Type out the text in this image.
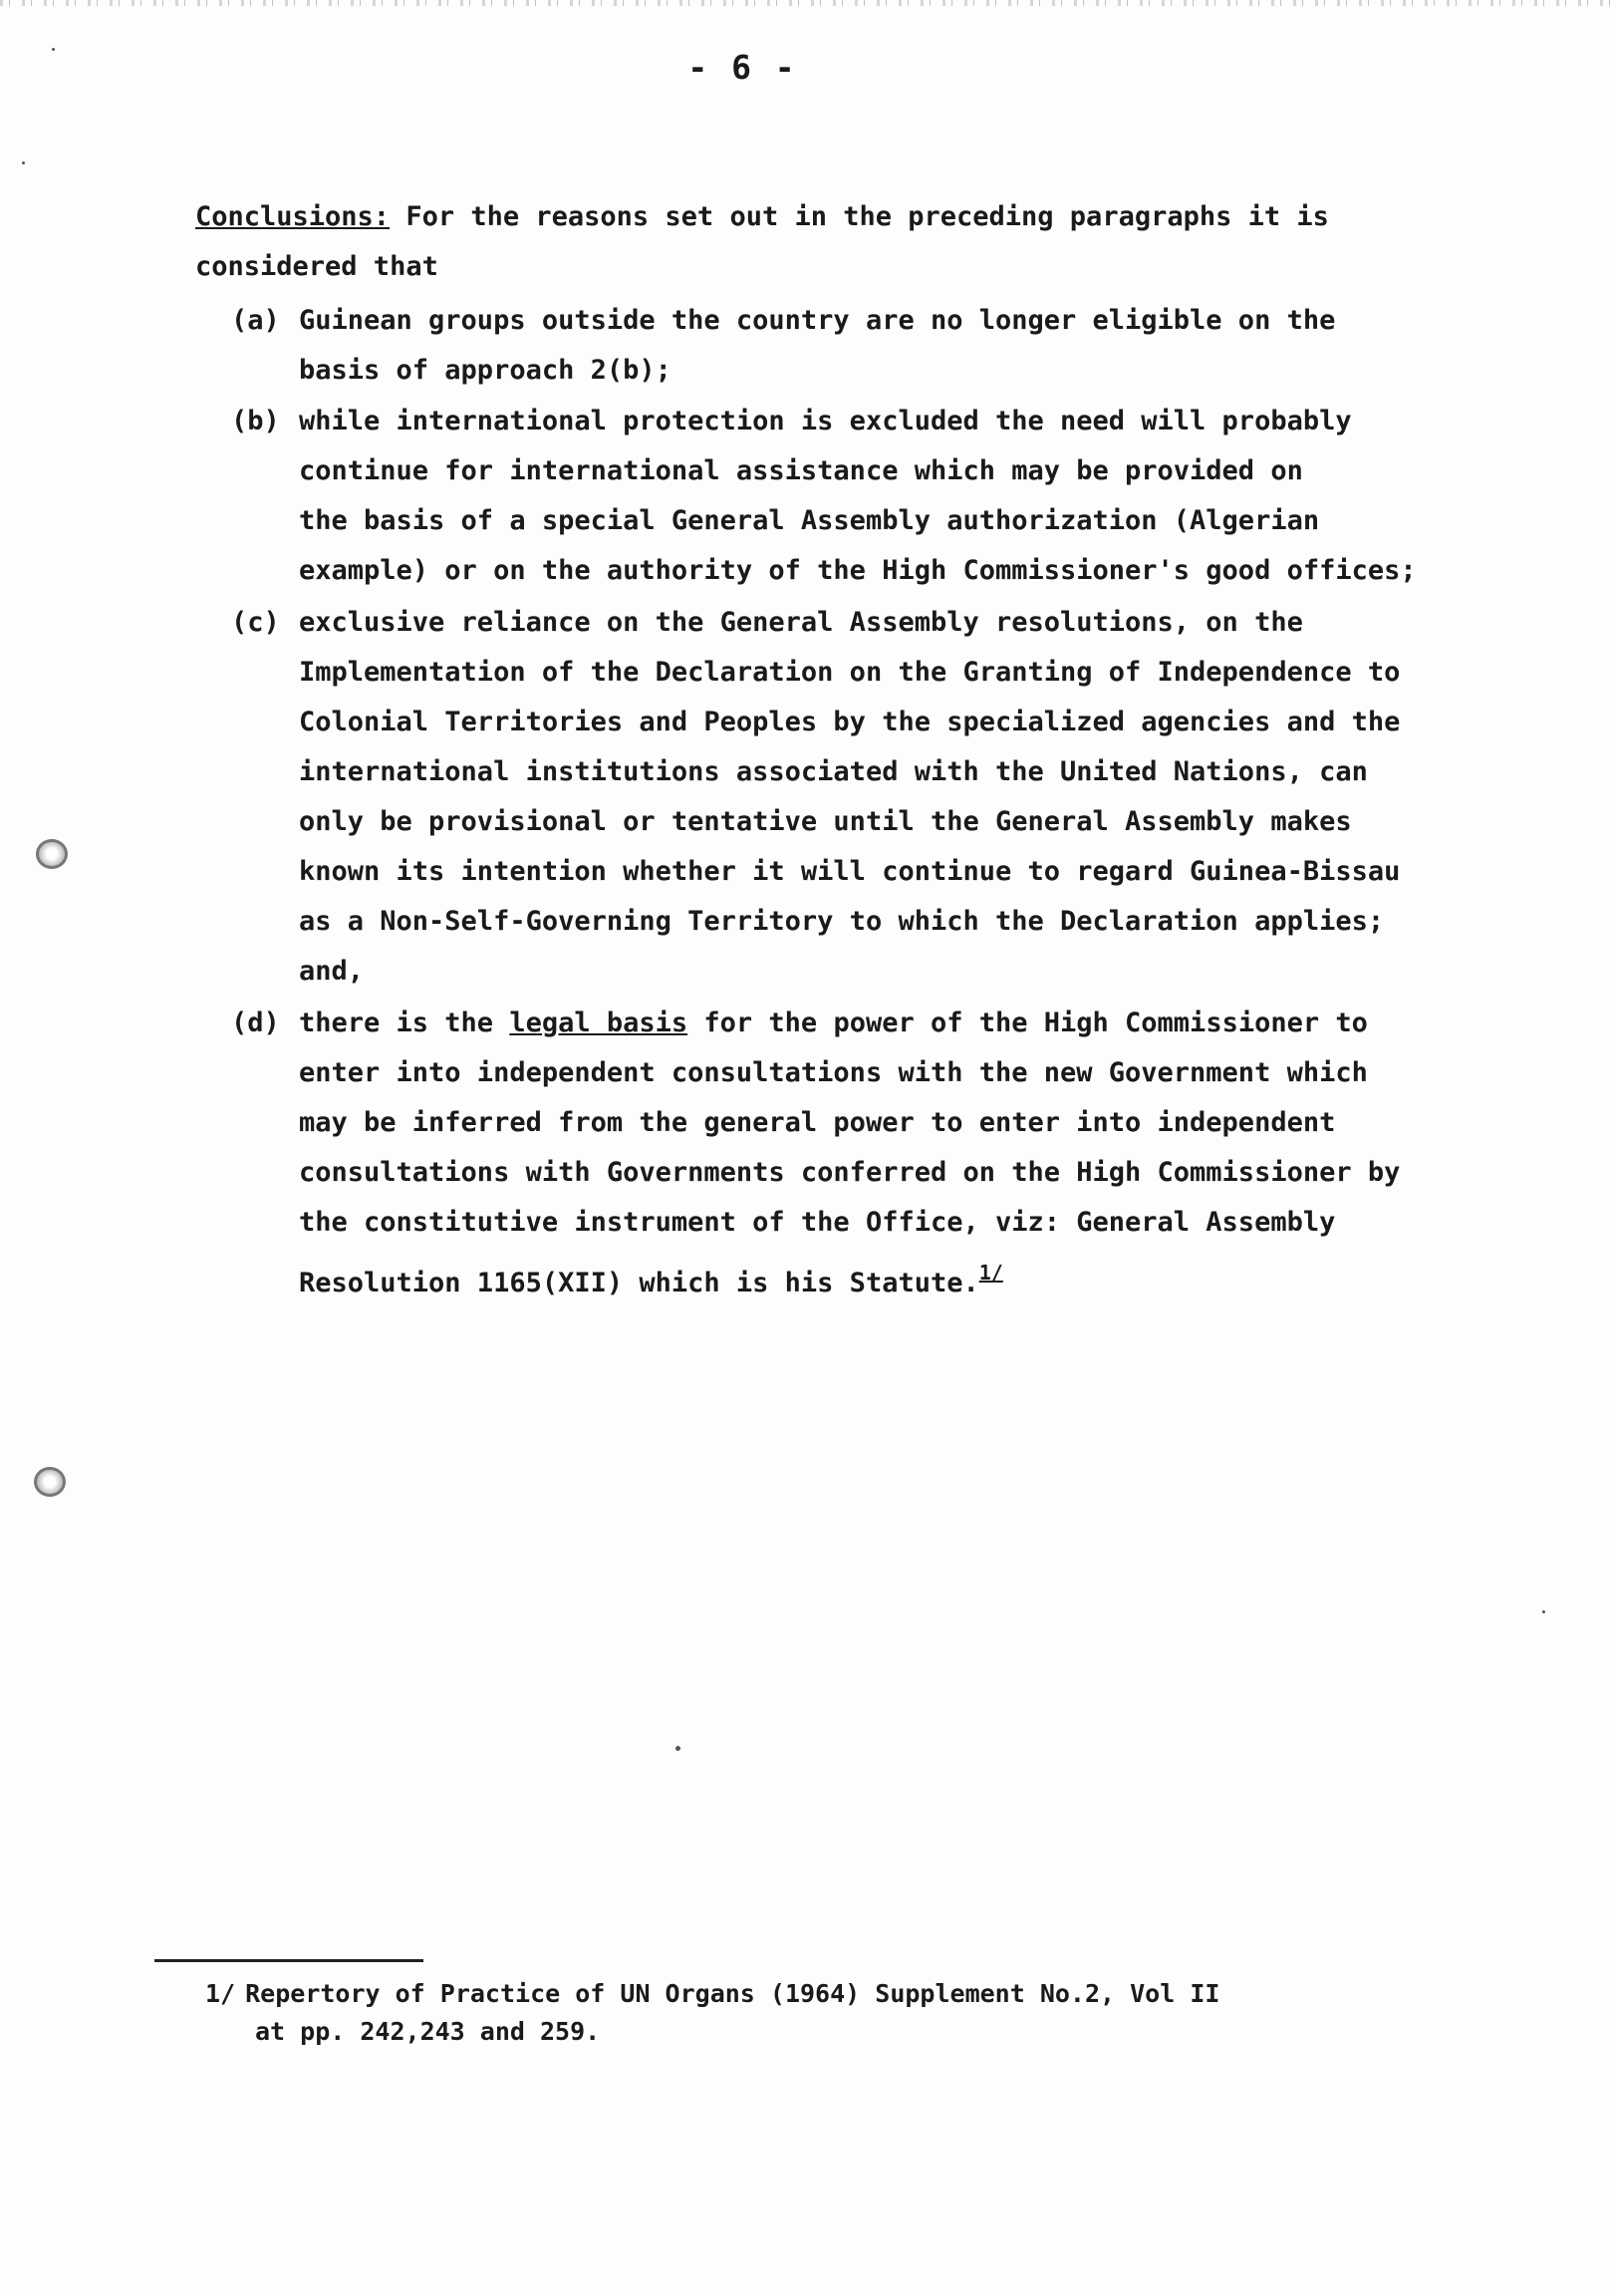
- 6 -
Conclusions: For the reasons set out in the preceding paragraphs it is
considered that
(a) Guinean groups outside the country are no longer eligible on the
basis of approach 2(b);
(b) while international protection is excluded the need will probably
continue for international assistance which may be provided on
the basis of a special General Assembly authorization (Algerian
example) or on the authority of the High Commissioner's good offices;
(c) exclusive reliance on the General Assembly resolutions, on the
Implementation of the Declaration on the Granting of Independence to
Colonial Territories and Peoples by the specialized agencies and the
international institutions associated with the United Nations, can
only be provisional or tentative until the General Assembly makes
known its intention whether it will continue to regard Guinea-Bissau
as a Non-Self-Governing Territory to which the Declaration applies;
and,
(d) there is the legal basis for the power of the High Commissioner to
enter into independent consultations with the new Government which
may be inferred from the general power to enter into independent
consultations with Governments conferred on the High Commissioner by
the constitutive instrument of the Office, viz: General Assembly
Resolution 1165(XII) which is his Statute.$^{1/}$
1/ Repertory of Practice of UN Organs (1964) Supplement No.2, Vol II
at pp. 242,243 and 259.
